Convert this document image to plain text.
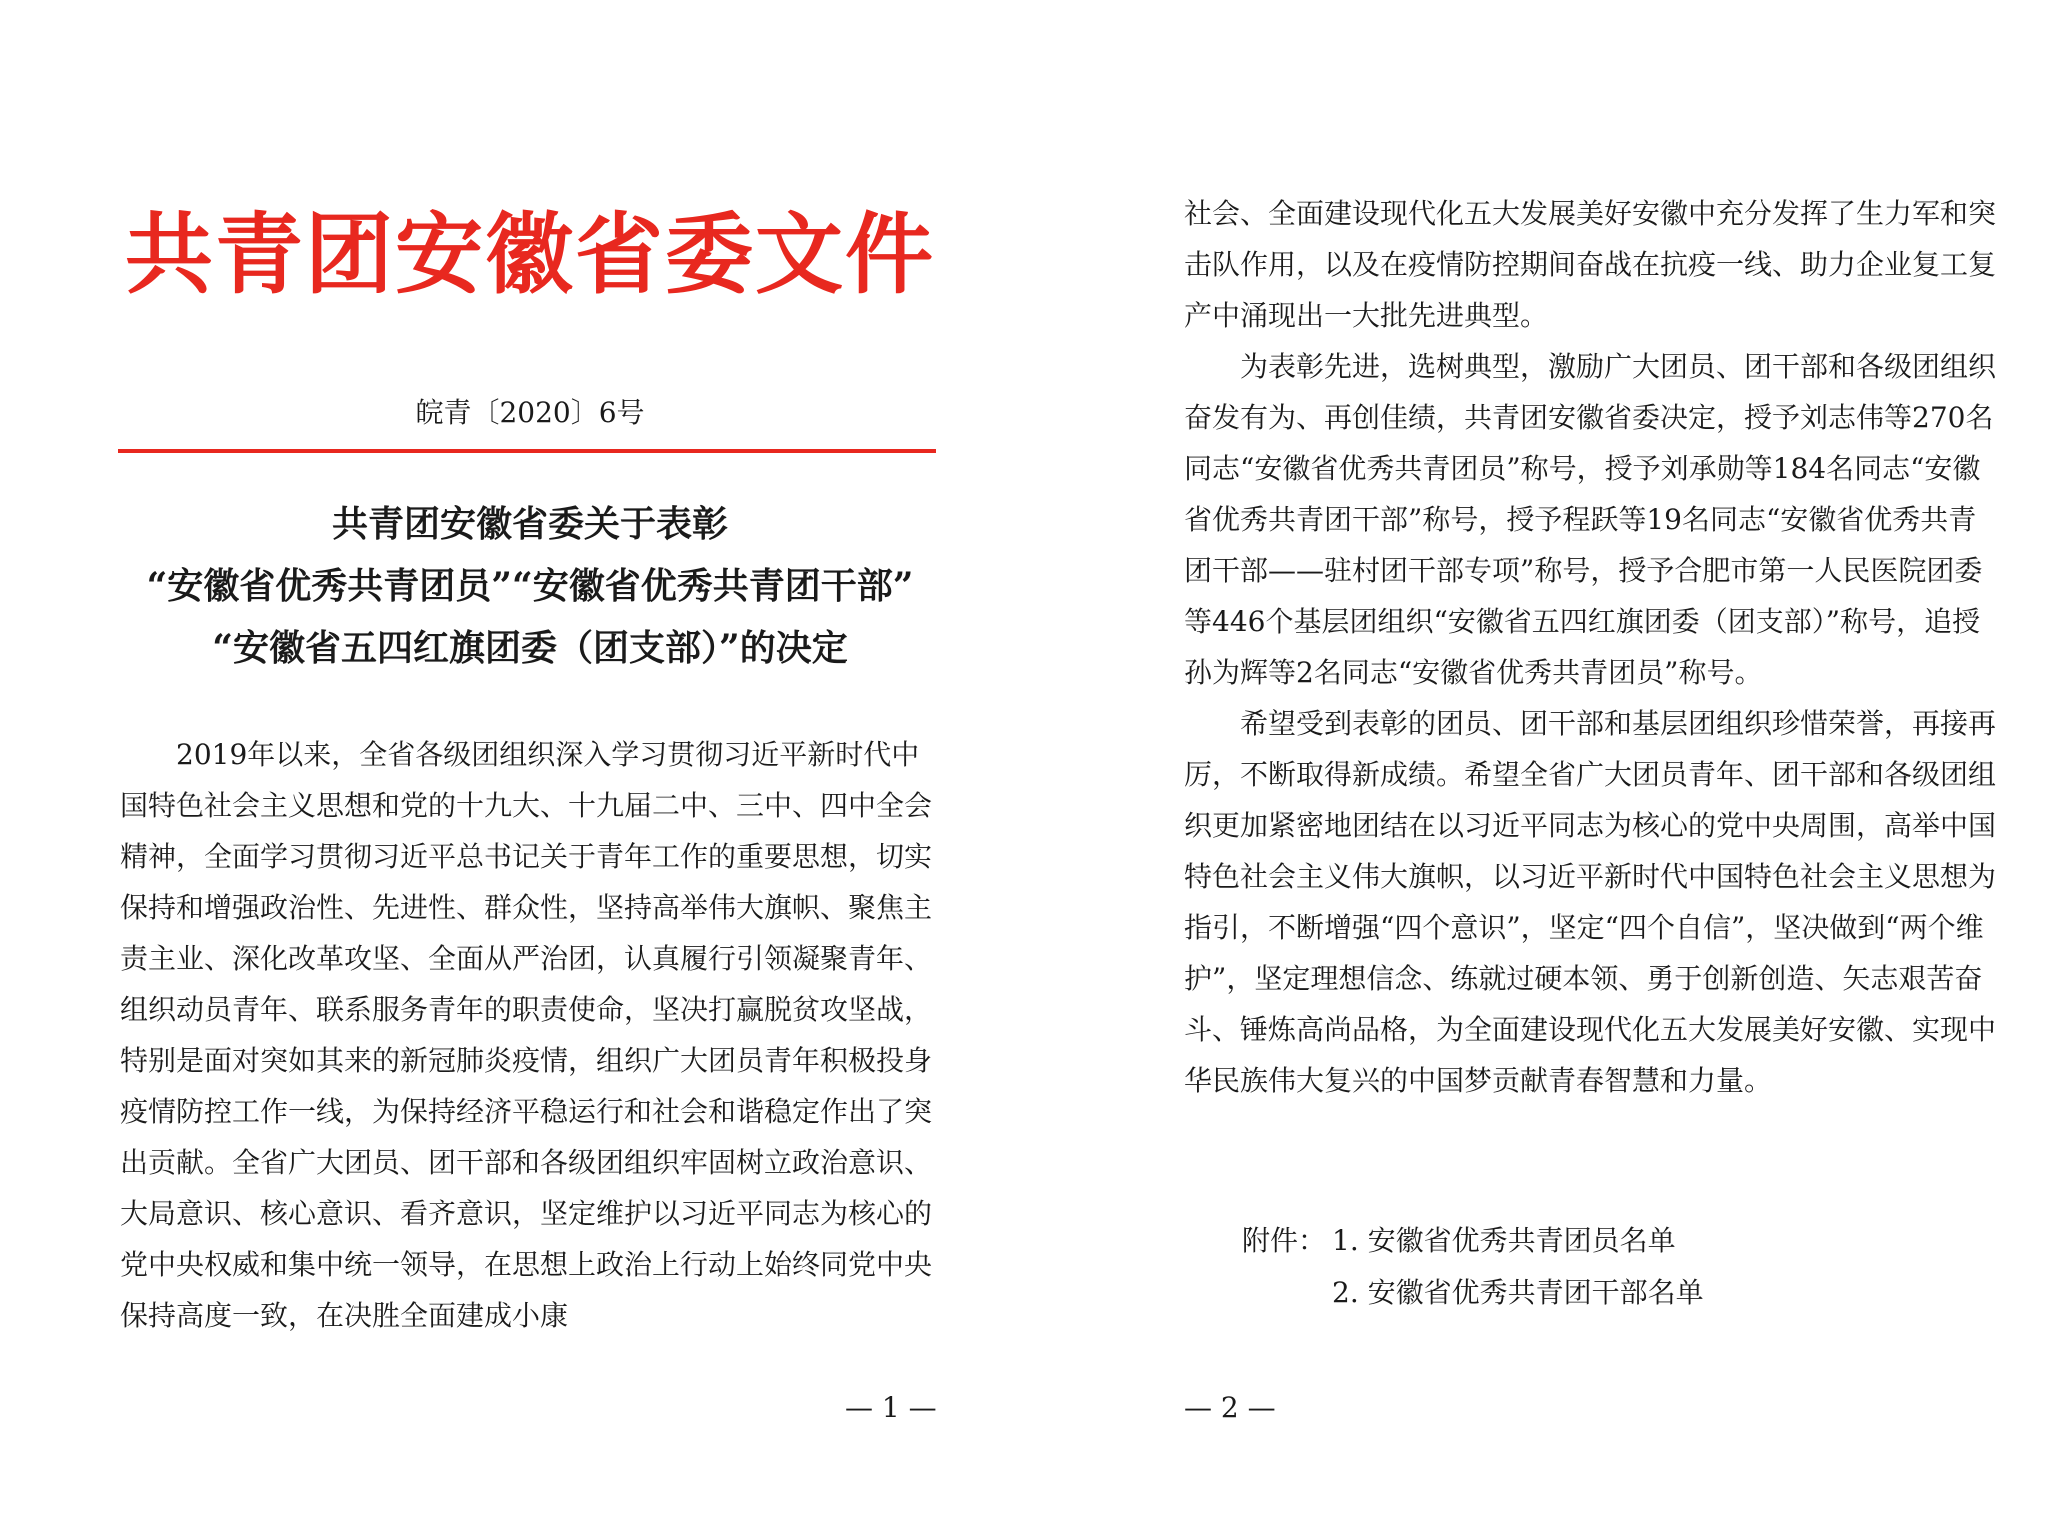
共青团安徽省委文件
皖青〔2020〕6号
共青团安徽省委关于表彰
“安徽省优秀共青团员”“安徽省优秀共青团干部”
“安徽省五四红旗团委（团支部）”的决定

2019年以来，全省各级团组织深入学习贯彻习近平新时代中国特色社会主义思想和党的十九大、十九届二中、三中、四中全会精神，全面学习贯彻习近平总书记关于青年工作的重要思想，切实保持和增强政治性、先进性、群众性，坚持高举伟大旗帜、聚焦主责主业、深化改革攻坚、全面从严治团，认真履行引领凝聚青年、组织动员青年、联系服务青年的职责使命，坚决打赢脱贫攻坚战，特别是面对突如其来的新冠肺炎疫情，组织广大团员青年积极投身疫情防控工作一线，为保持经济平稳运行和社会和谐稳定作出了突出贡献。全省广大团员、团干部和各级团组织牢固树立政治意识、大局意识、核心意识、看齐意识，坚定维护以习近平同志为核心的党中央权威和集中统一领导，在思想上政治上行动上始终同党中央保持高度一致，在决胜全面建成小康

— 1 —

社会、全面建设现代化五大发展美好安徽中充分发挥了生力军和突击队作用，以及在疫情防控期间奋战在抗疫一线、助力企业复工复产中涌现出一大批先进典型。

为表彰先进，选树典型，激励广大团员、团干部和各级团组织奋发有为、再创佳绩，共青团安徽省委决定，授予刘志伟等270名同志“安徽省优秀共青团员”称号，授予刘承勋等184名同志“安徽省优秀共青团干部”称号，授予程跃等19名同志“安徽省优秀共青团干部——驻村团干部专项”称号，授予合肥市第一人民医院团委等446个基层团组织“安徽省五四红旗团委（团支部）”称号，追授孙为辉等2名同志“安徽省优秀共青团员”称号。

希望受到表彰的团员、团干部和基层团组织珍惜荣誉，再接再厉，不断取得新成绩。希望全省广大团员青年、团干部和各级团组织更加紧密地团结在以习近平同志为核心的党中央周围，高举中国特色社会主义伟大旗帜，以习近平新时代中国特色社会主义思想为指引，不断增强“四个意识”，坚定“四个自信”，坚决做到“两个维护”，坚定理想信念、练就过硬本领、勇于创新创造、矢志艰苦奋斗、锤炼高尚品格，为全面建设现代化五大发展美好安徽、实现中华民族伟大复兴的中国梦贡献青春智慧和力量。

附件： 1. 安徽省优秀共青团员名单
2. 安徽省优秀共青团干部名单
— 2 —
